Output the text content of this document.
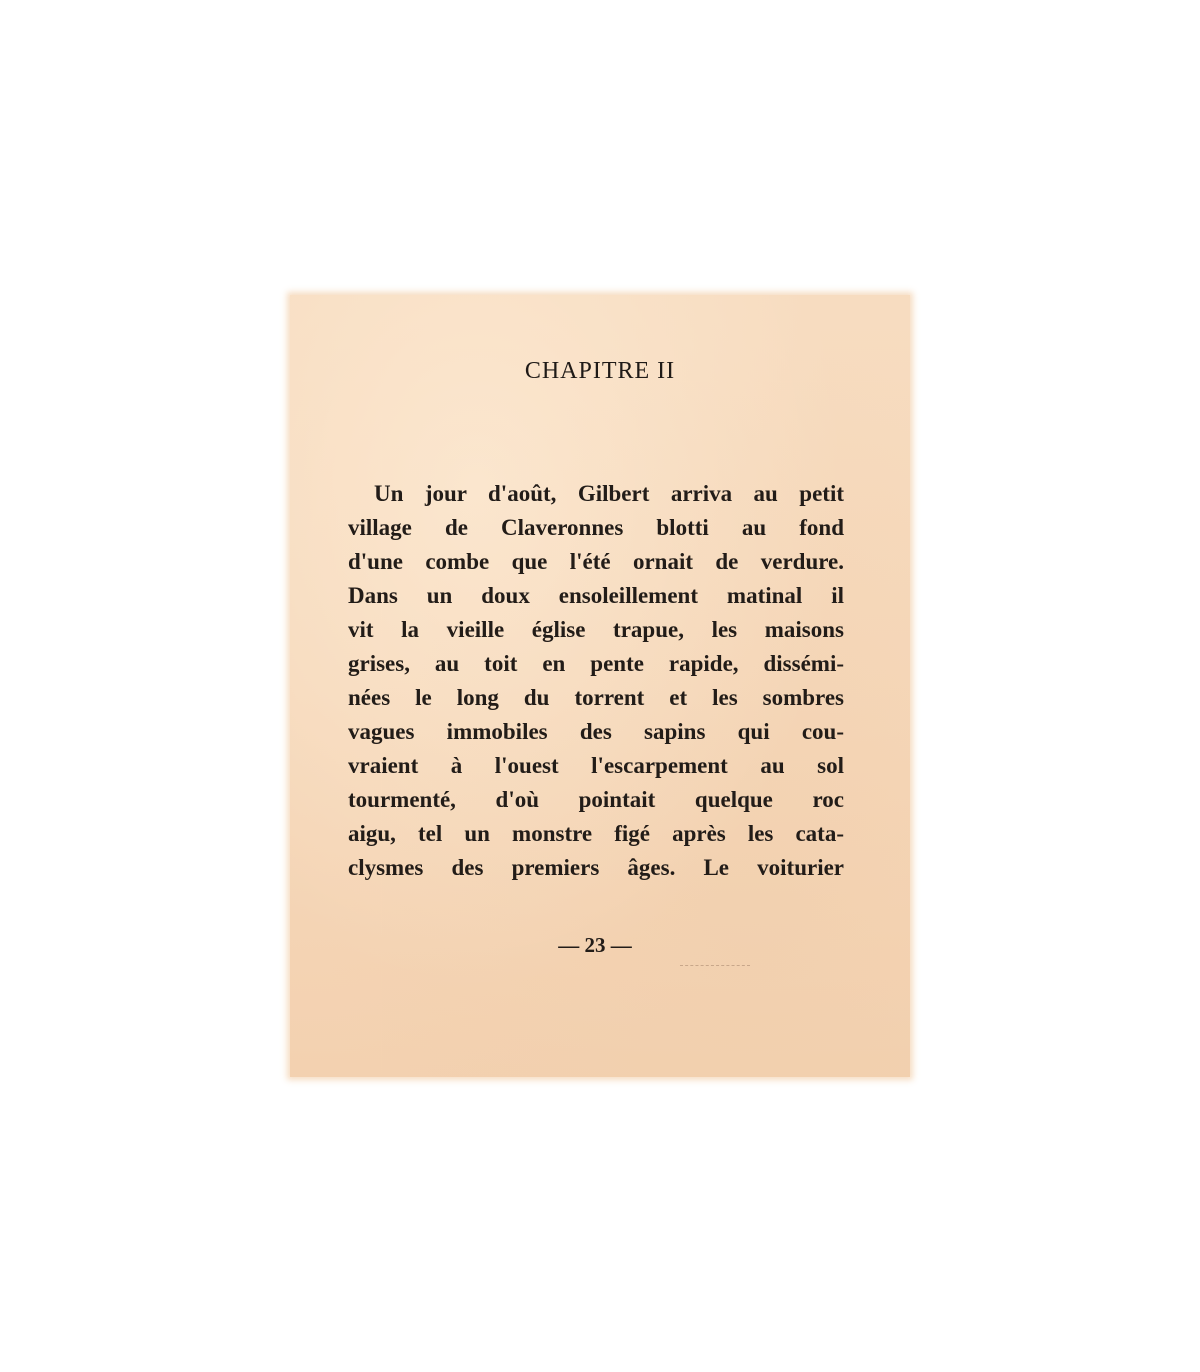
CHAPITRE II
Un jour d'août, Gilbert arriva au petit
village de Claveronnes blotti au fond
d'une combe que l'été ornait de verdure.
Dans un doux ensoleillement matinal il
vit la vieille église trapue, les maisons
grises, au toit en pente rapide, dissémi-
nées le long du torrent et les sombres
vagues immobiles des sapins qui cou-
vraient à l'ouest l'escarpement au sol
tourmenté, d'où pointait quelque roc
aigu, tel un monstre figé après les cata-
clysmes des premiers âges. Le voiturier
— 23 —
